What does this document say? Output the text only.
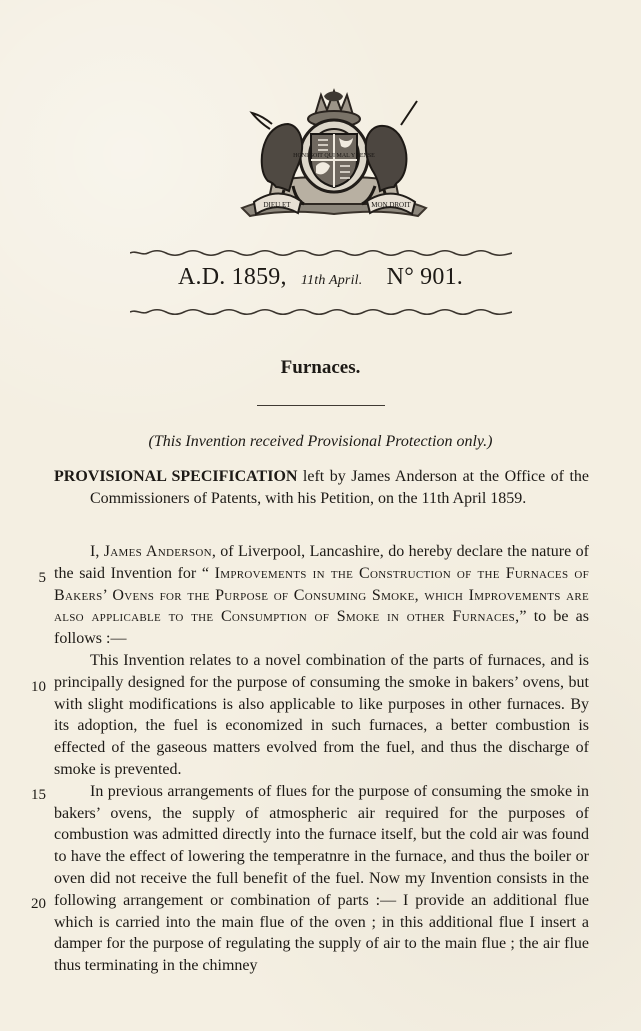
HONI SOIT QUI MAL Y PENSE
DIEU ET	MON DROIT
A.D. 1859, 11th April. N° 901.
Furnaces.
(This Invention received Provisional Protection only.)
PROVISIONAL SPECIFICATION left by James Anderson at the Office of the Commissioners of Patents, with his Petition, on the 11th April 1859.

I, James Anderson, of Liverpool, Lancashire, do hereby declare the nature of the said Invention for “ Improvements in the Construction of the Furnaces of Bakers’ Ovens for the Purpose of Consuming Smoke, which Improvements are also applicable to the Consumption of Smoke in other Furnaces,” to be as follows :—

This Invention relates to a novel combination of the parts of furnaces, and is principally designed for the purpose of consuming the smoke in bakers’ ovens, but with slight modifications is also applicable to like purposes in other furnaces. By its adoption, the fuel is economized in such furnaces, a better combustion is effected of the gaseous matters evolved from the fuel, and thus the discharge of smoke is prevented.

In previous arrangements of flues for the purpose of consuming the smoke in bakers’ ovens, the supply of atmospheric air required for the purposes of combustion was admitted directly into the furnace itself, but the cold air was found to have the effect of lowering the temperatnre in the furnace, and thus the boiler or oven did not receive the full benefit of the fuel. Now my Invention consists in the following arrangement or combination of parts :— I provide an additional flue which is carried into the main flue of the oven ; in this additional flue I insert a damper for the purpose of regulating the supply of air to the main flue ; the air flue thus terminating in the chimney

5
10
15
20
